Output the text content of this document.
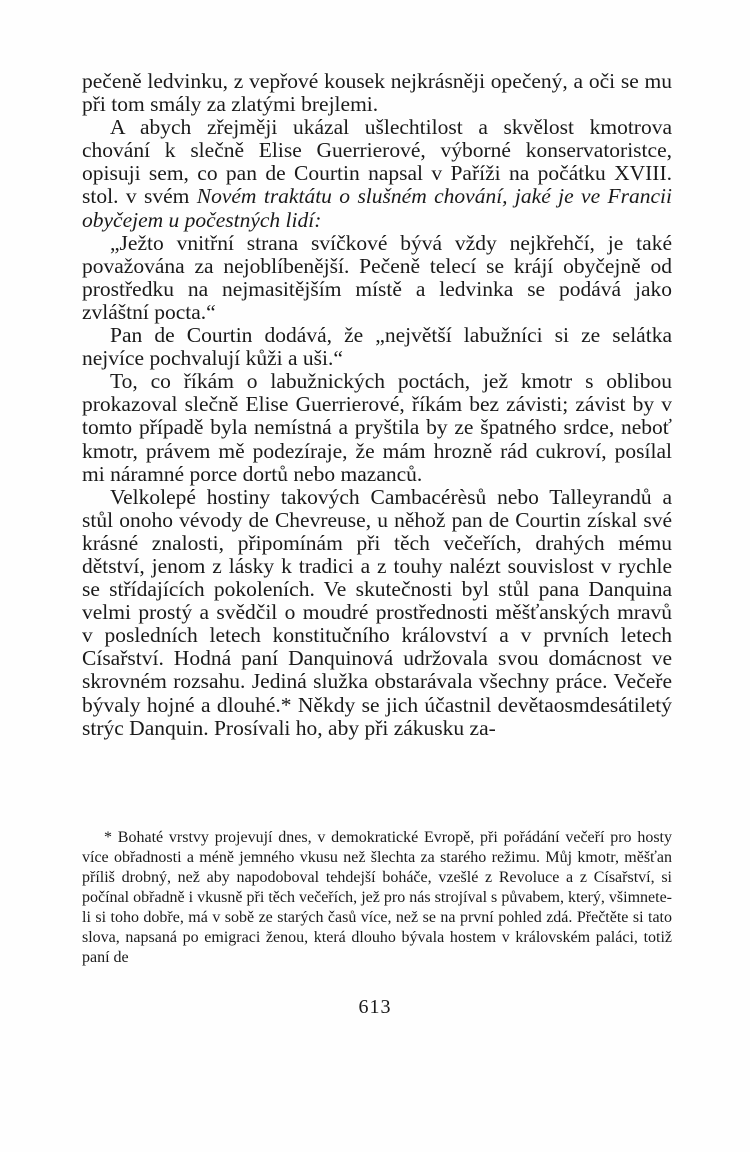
pečeně ledvinku, z vepřové kousek nejkrásněji opečený, a oči se mu při tom smály za zlatými brejlemi.

A abych zřejměji ukázal ušlechtilost a skvělost kmotrova chování k slečně Elise Guerrierové, výborné konservatoristce, opisuji sem, co pan de Courtin napsal v Paříži na počátku XVIII. stol. v svém Novém traktátu o slušném chování, jaké je ve Francii obyčejem u počestných lidí:

„Ježto vnitřní strana svíčkové bývá vždy nejkřehčí, je také považována za nejoblíbenější. Pečeně telecí se krájí obyčejně od prostředku na nejmasitějším místě a ledvinka se podává jako zvláštní pocta.“

Pan de Courtin dodává, že „největší labužníci si ze selátka nejvíce pochvalují kůži a uši.“

To, co říkám o labužnických poctách, jež kmotr s oblibou prokazoval slečně Elise Guerrierové, říkám bez závisti; závist by v tomto případě byla nemístná a pryštila by ze špatného srdce, neboť kmotr, právem mě podezíraje, že mám hrozně rád cukroví, posílal mi náramné porce dortů nebo mazanců.

Velkolepé hostiny takových Cambacérèsů nebo Talleyrandů a stůl onoho vévody de Chevreuse, u něhož pan de Courtin získal své krásné znalosti, připomínám při těch večeřích, drahých mému dětství, jenom z lásky k tradici a z touhy nalézt souvislost v rychle se střídajících pokoleních. Ve skutečnosti byl stůl pana Danquina velmi prostý a svědčil o moudré prostřednosti měšťanských mravů v posledních letech konstitučního království a v prvních letech Císařství. Hodná paní Danquinová udržovala svou domácnost ve skrovném rozsahu. Jediná služka obstarávala všechny práce. Večeře bývaly hojné a dlouhé.* Někdy se jich účastnil devětaosmdesátiletý strýc Danquin. Prosívali ho, aby při zákusku za-

* Bohaté vrstvy projevují dnes, v demokratické Evropě, při pořádání večeří pro hosty více obřadnosti a méně jemného vkusu než šlechta za starého režimu. Můj kmotr, měšťan příliš drobný, než aby napodoboval tehdejší boháče, vzešlé z Revoluce a z Císařství, si počínal obřadně i vkusně při těch večeřích, jež pro nás strojíval s půvabem, který, všimnete-li si toho dobře, má v sobě ze starých časů více, než se na první pohled zdá. Přečtěte si tato slova, napsaná po emigraci ženou, která dlouho bývala hostem v královském paláci, totiž paní de

613
